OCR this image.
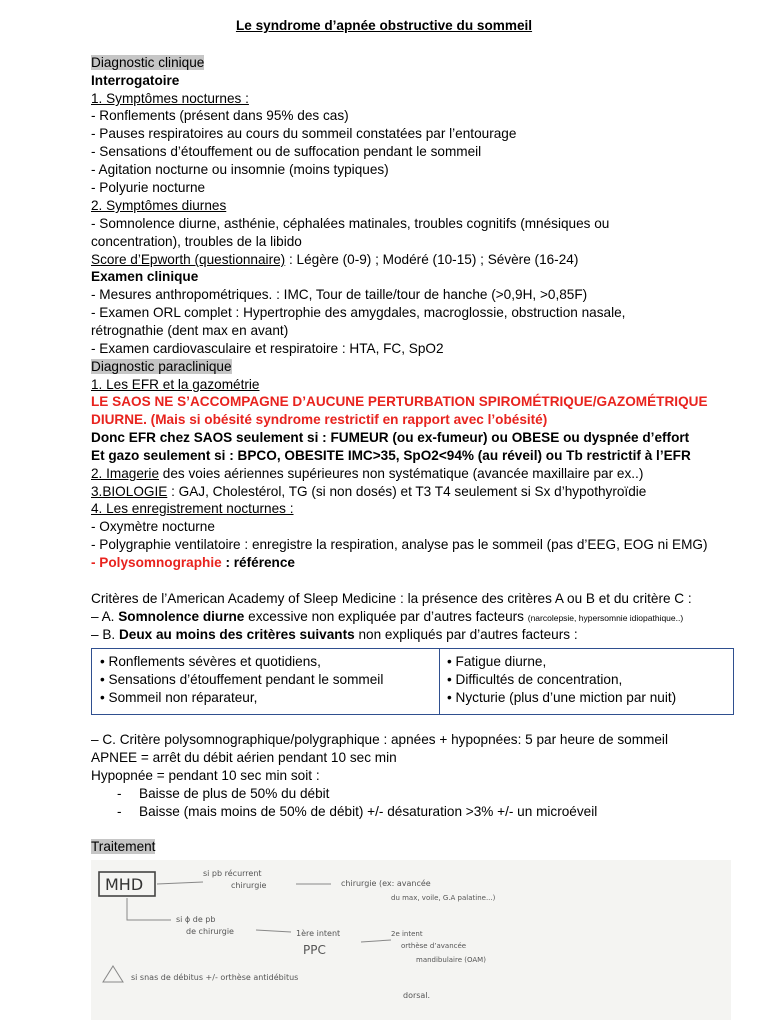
Le syndrome d’apnée obstructive du sommeil
Diagnostic clinique
Interrogatoire
1. Symptômes nocturnes :
- Ronflements (présent dans 95% des cas)
- Pauses respiratoires au cours du sommeil constatées par l’entourage
- Sensations d’étouffement ou de suffocation pendant le sommeil
- Agitation nocturne ou insomnie (moins typiques)
- Polyurie nocturne
2. Symptômes diurnes
- Somnolence diurne, asthénie, céphalées matinales, troubles cognitifs (mnésiques ou
concentration), troubles de la libido
Score d’Epworth (questionnaire) : Légère (0-9) ; Modéré (10-15) ; Sévère (16-24)
Examen clinique
- Mesures anthropométriques. : IMC, Tour de taille/tour de hanche (>0,9H, >0,85F)
- Examen ORL complet : Hypertrophie des amygdales, macroglossie, obstruction nasale,
rétrognathie (dent max en avant)
- Examen cardiovasculaire et respiratoire : HTA, FC, SpO2
Diagnostic paraclinique
1. Les EFR et la gazométrie
LE SAOS NE S’ACCOMPAGNE D’AUCUNE PERTURBATION SPIROMÉTRIQUE/GAZOMÉTRIQUE
DIURNE. (Mais si obésité syndrome restrictif en rapport avec l’obésité)
Donc EFR chez SAOS seulement si : FUMEUR (ou ex-fumeur) ou OBESE ou dyspnée d’effort
Et gazo seulement si : BPCO, OBESITE IMC>35, SpO2<94% (au réveil) ou Tb restrictif à l’EFR
2. Imagerie des voies aériennes supérieures non systématique (avancée maxillaire par ex..)
3.BIOLOGIE : GAJ, Cholestérol, TG (si non dosés) et T3 T4 seulement si Sx d’hypothyroïdie
4. Les enregistrement nocturnes :
- Oxymètre nocturne
- Polygraphie ventilatoire : enregistre la respiration, analyse pas le sommeil (pas d’EEG, EOG ni EMG)
- Polysomnographie : référence
Critères de l’American Academy of Sleep Medicine : la présence des critères A ou B et du critère C :
– A. Somnolence diurne excessive non expliquée par d’autres facteurs (narcolepsie, hypersomnie idiopathique..)
– B. Deux au moins des critères suivants non expliqués par d’autres facteurs :
• Ronflements sévères et quotidiens,
• Sensations d’étouffement pendant le sommeil
• Sommeil non réparateur,
• Fatigue diurne,
• Difficultés de concentration,
• Nycturie (plus d’une miction par nuit)
– C. Critère polysomnographique/polygraphique : apnées + hypopnées: 5 par heure de sommeil
APNEE = arrêt du débit aérien pendant 10 sec min
Hypopnée = pendant 10 sec min soit :
- Baisse de plus de 50% du débit
- Baisse (mais moins de 50% de débit) +/- désaturation >3% +/- un microéveil
Traitement
MHD
si pb récurrent
chirurgie	chirurgie (ex: avancée
du max, voile, G.A palatine...)
si ϕ de pb
de chirurgie	1ère intent
PPC
2e intent
orthèse d’avancée
mandibulaire (OAM)
si snas de débitus +/- orthèse antidébitus
dorsal.
